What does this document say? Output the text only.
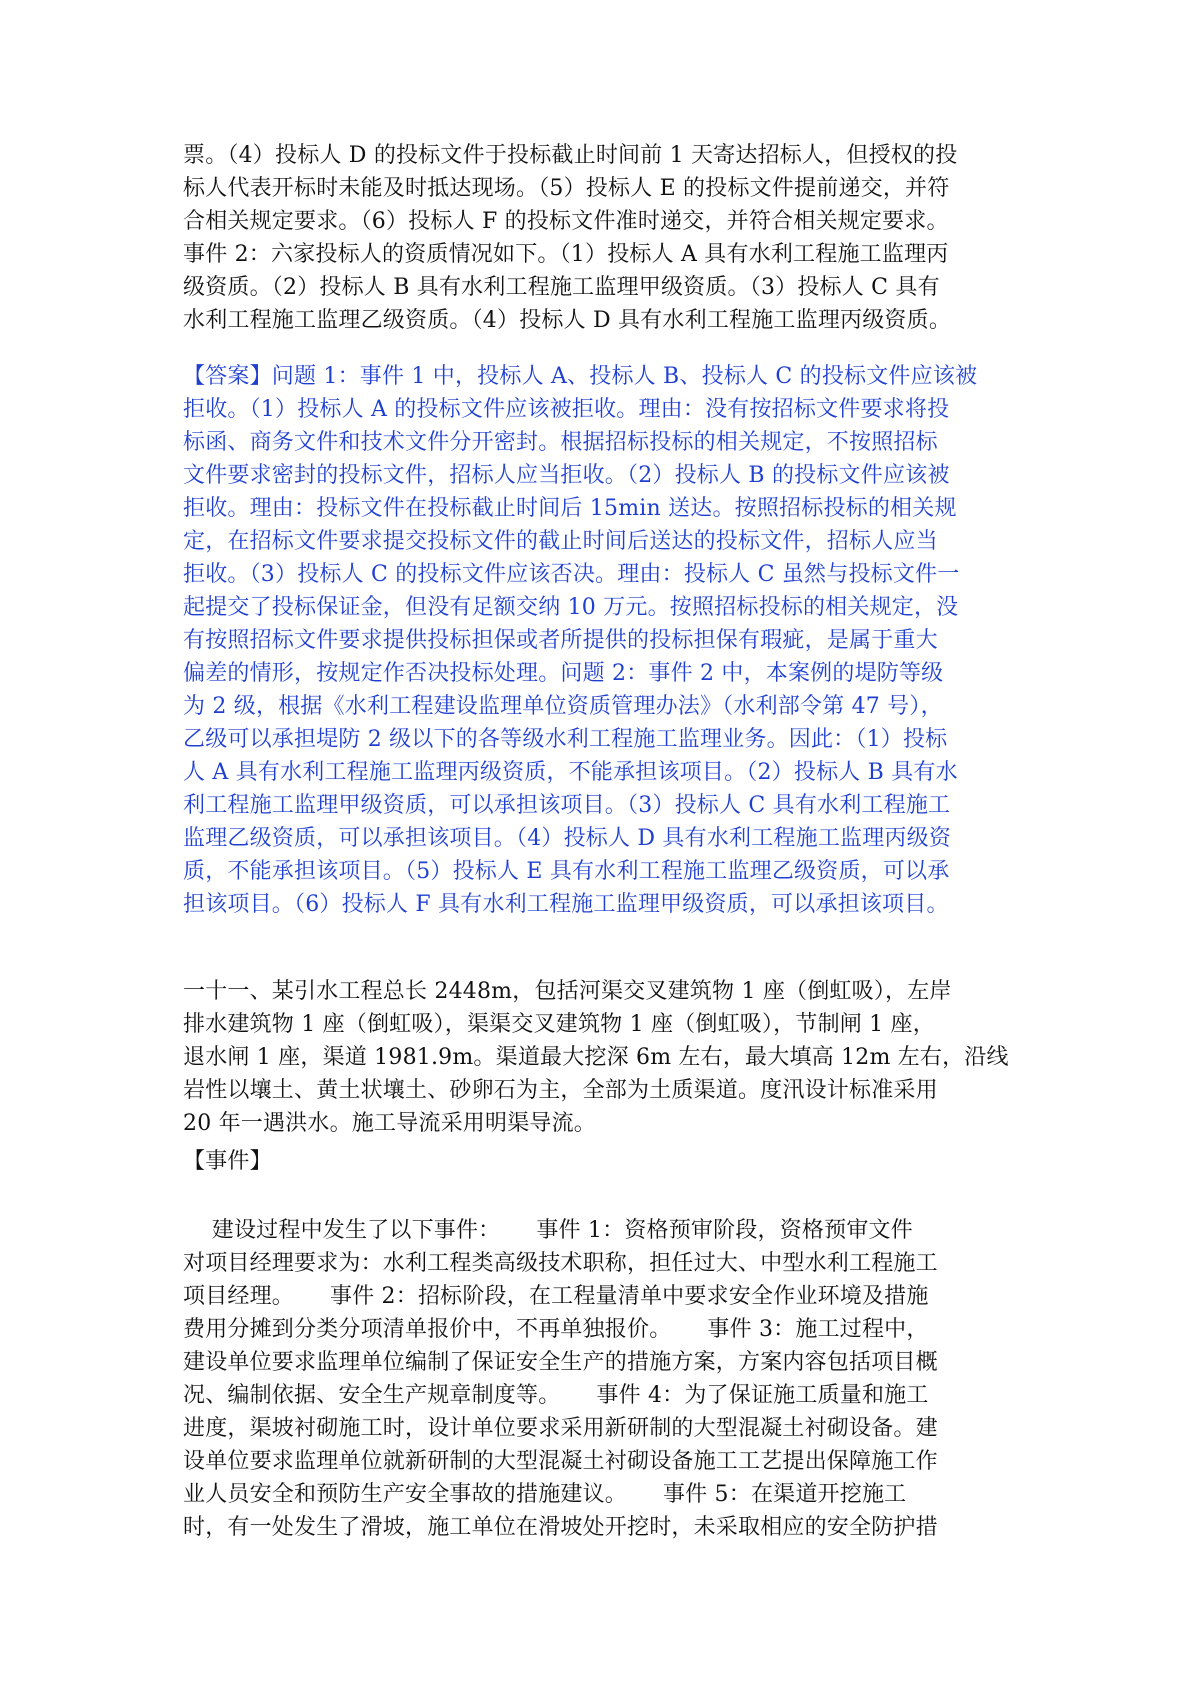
票。（4）投标人 D 的投标文件于投标截止时间前 1 天寄达招标人，但授权的投
标人代表开标时未能及时抵达现场。（5）投标人 E 的投标文件提前递交，并符
合相关规定要求。（6）投标人 F 的投标文件准时递交，并符合相关规定要求。
事件 2：六家投标人的资质情况如下。（1）投标人 A 具有水利工程施工监理丙
级资质。（2）投标人 B 具有水利工程施工监理甲级资质。（3）投标人 C 具有
水利工程施工监理乙级资质。（4）投标人 D 具有水利工程施工监理丙级资质。
【答案】问题 1：事件 1 中，投标人 A、投标人 B、投标人 C 的投标文件应该被
拒收。（1）投标人 A 的投标文件应该被拒收。理由：没有按招标文件要求将投
标函、商务文件和技术文件分开密封。根据招标投标的相关规定，不按照招标
文件要求密封的投标文件，招标人应当拒收。（2）投标人 B 的投标文件应该被
拒收。理由：投标文件在投标截止时间后 15min 送达。按照招标投标的相关规
定，在招标文件要求提交投标文件的截止时间后送达的投标文件，招标人应当
拒收。（3）投标人 C 的投标文件应该否决。理由：投标人 C 虽然与投标文件一
起提交了投标保证金，但没有足额交纳 10 万元。按照招标投标的相关规定，没
有按照招标文件要求提供投标担保或者所提供的投标担保有瑕疵，是属于重大
偏差的情形，按规定作否决投标处理。问题 2：事件 2 中，本案例的堤防等级
为 2 级，根据《水利工程建设监理单位资质管理办法》（水利部令第 47 号），
乙级可以承担堤防 2 级以下的各等级水利工程施工监理业务。因此：（1）投标
人 A 具有水利工程施工监理丙级资质，不能承担该项目。（2）投标人 B 具有水
利工程施工监理甲级资质，可以承担该项目。（3）投标人 C 具有水利工程施工
监理乙级资质，可以承担该项目。（4）投标人 D 具有水利工程施工监理丙级资
质，不能承担该项目。（5）投标人 E 具有水利工程施工监理乙级资质，可以承
担该项目。（6）投标人 F 具有水利工程施工监理甲级资质，可以承担该项目。
一十一、某引水工程总长 2448m，包括河渠交叉建筑物 1 座（倒虹吸），左岸
排水建筑物 1 座（倒虹吸），渠渠交叉建筑物 1 座（倒虹吸），节制闸 1 座，
退水闸 1 座，渠道 1981.9m。渠道最大挖深 6m 左右，最大填高 12m 左右，沿线
岩性以壤土、黄土状壤土、砂卵石为主，全部为土质渠道。度汛设计标准采用
20 年一遇洪水。施工导流采用明渠导流。
【事件】
建设过程中发生了以下事件：     事件 1：资格预审阶段，资格预审文件
对项目经理要求为：水利工程类高级技术职称，担任过大、中型水利工程施工
项目经理。     事件 2：招标阶段，在工程量清单中要求安全作业环境及措施
费用分摊到分类分项清单报价中，不再单独报价。     事件 3：施工过程中，
建设单位要求监理单位编制了保证安全生产的措施方案，方案内容包括项目概
况、编制依据、安全生产规章制度等。     事件 4：为了保证施工质量和施工
进度，渠坡衬砌施工时，设计单位要求采用新研制的大型混凝土衬砌设备。建
设单位要求监理单位就新研制的大型混凝土衬砌设备施工工艺提出保障施工作
业人员安全和预防生产安全事故的措施建议。     事件 5：在渠道开挖施工
时，有一处发生了滑坡，施工单位在滑坡处开挖时，未采取相应的安全防护措
